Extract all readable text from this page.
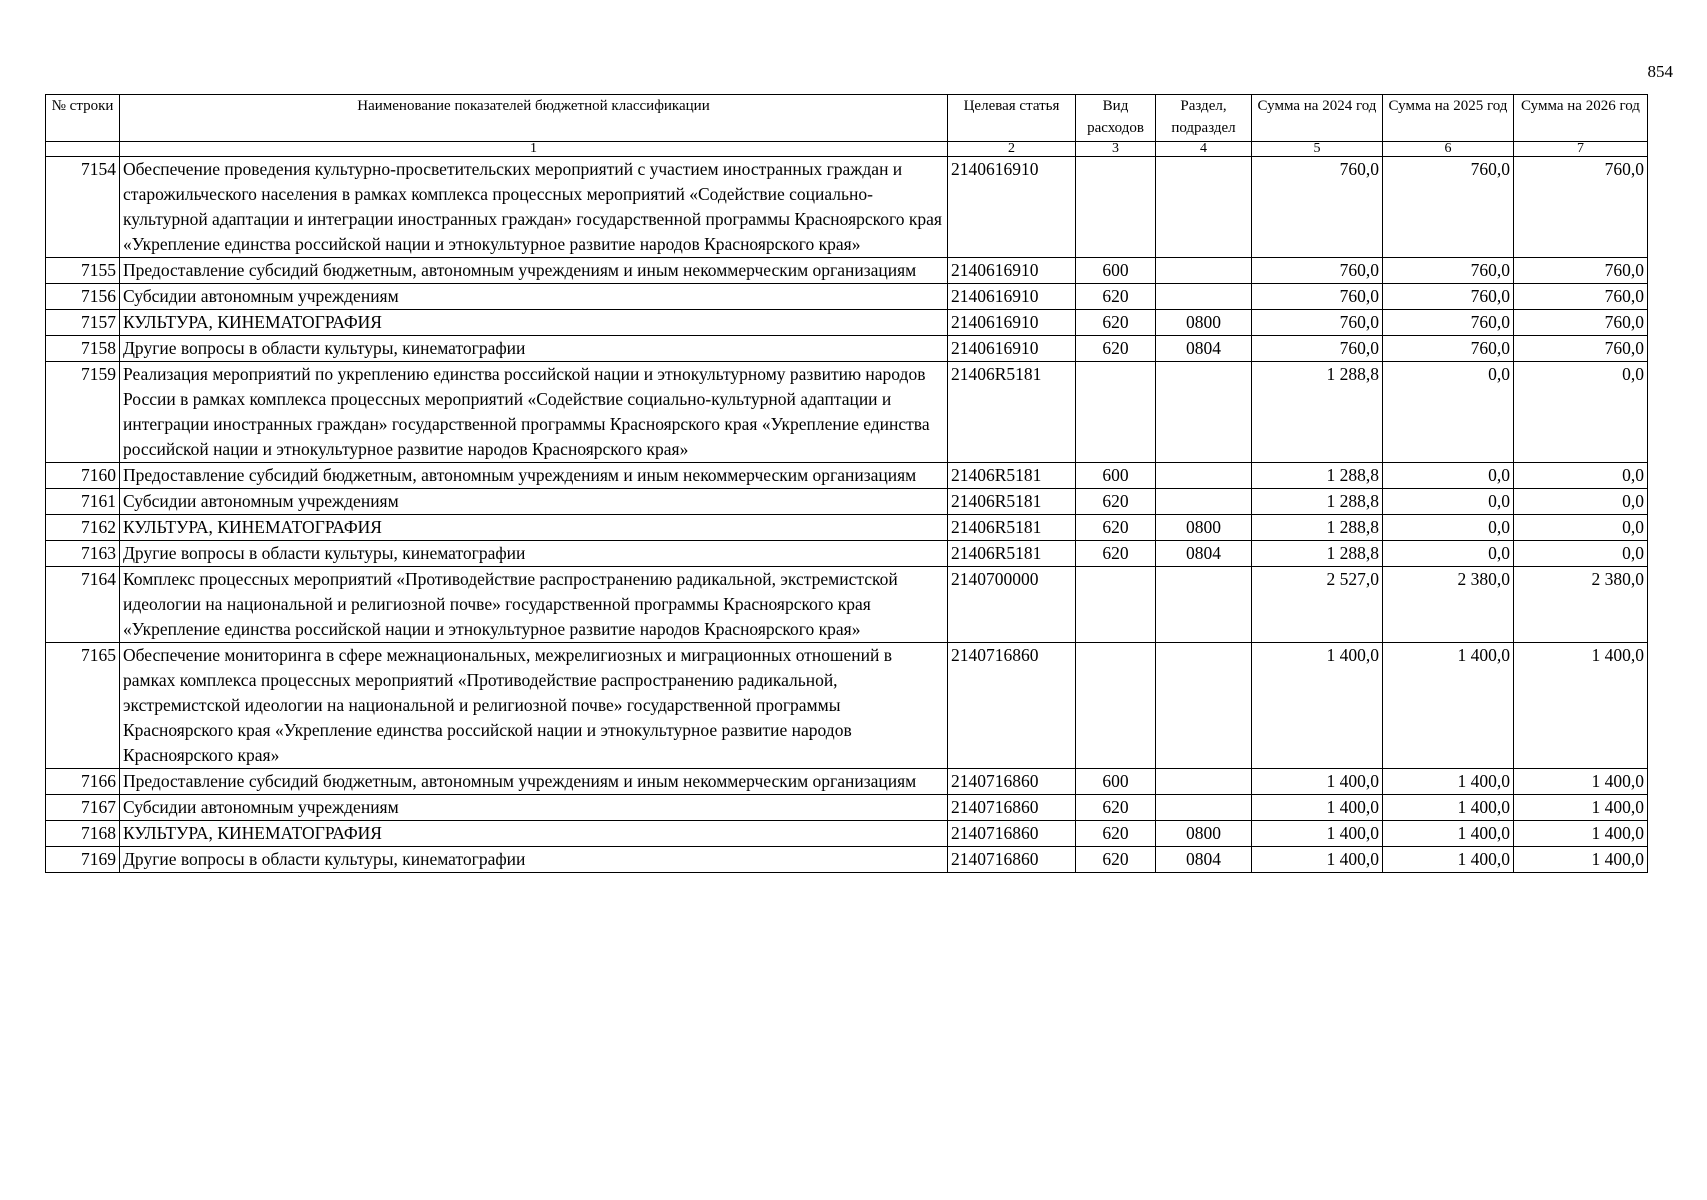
854
№ строки	Наименование показателей бюджетной классификации	Целевая статья	Вид расходов	Раздел, подраздел	Сумма на 2024 год	Сумма на 2025 год	Сумма на 2026 год
	1	2	3	4	5	6	7
7154	Обеспечение проведения культурно-просветительских мероприятий с участием иностранных граждан и старожильческого населения в рамках комплекса процессных мероприятий «Содействие социально-культурной адаптации и интеграции иностранных граждан» государственной программы Красноярского края «Укрепление единства российской нации и этнокультурное развитие народов Красноярского края»	2140616910			760,0	760,0	760,0
7155	Предоставление субсидий бюджетным, автономным учреждениям и иным некоммерческим организациям	2140616910	600		760,0	760,0	760,0
7156	Субсидии автономным учреждениям	2140616910	620		760,0	760,0	760,0
7157	КУЛЬТУРА, КИНЕМАТОГРАФИЯ	2140616910	620	0800	760,0	760,0	760,0
7158	Другие вопросы в области культуры, кинематографии	2140616910	620	0804	760,0	760,0	760,0
7159	Реализация мероприятий по укреплению единства российской нации и этнокультурному развитию народов России в рамках комплекса процессных мероприятий «Содействие социально-культурной адаптации и интеграции иностранных граждан» государственной программы Красноярского края «Укрепление единства российской нации и этнокультурное развитие народов Красноярского края»	21406R5181			1 288,8	0,0	0,0
7160	Предоставление субсидий бюджетным, автономным учреждениям и иным некоммерческим организациям	21406R5181	600		1 288,8	0,0	0,0
7161	Субсидии автономным учреждениям	21406R5181	620		1 288,8	0,0	0,0
7162	КУЛЬТУРА, КИНЕМАТОГРАФИЯ	21406R5181	620	0800	1 288,8	0,0	0,0
7163	Другие вопросы в области культуры, кинематографии	21406R5181	620	0804	1 288,8	0,0	0,0
7164	Комплекс процессных мероприятий «Противодействие распространению радикальной, экстремистской идеологии на национальной и религиозной почве» государственной программы Красноярского края «Укрепление единства российской нации и этнокультурное развитие народов Красноярского края»	2140700000			2 527,0	2 380,0	2 380,0
7165	Обеспечение мониторинга в сфере межнациональных, межрелигиозных и миграционных отношений в рамках комплекса процессных мероприятий «Противодействие распространению радикальной, экстремистской идеологии на национальной и религиозной почве» государственной программы Красноярского края «Укрепление единства российской нации и этнокультурное развитие народов Красноярского края»	2140716860			1 400,0	1 400,0	1 400,0
7166	Предоставление субсидий бюджетным, автономным учреждениям и иным некоммерческим организациям	2140716860	600		1 400,0	1 400,0	1 400,0
7167	Субсидии автономным учреждениям	2140716860	620		1 400,0	1 400,0	1 400,0
7168	КУЛЬТУРА, КИНЕМАТОГРАФИЯ	2140716860	620	0800	1 400,0	1 400,0	1 400,0
7169	Другие вопросы в области культуры, кинематографии	2140716860	620	0804	1 400,0	1 400,0	1 400,0
